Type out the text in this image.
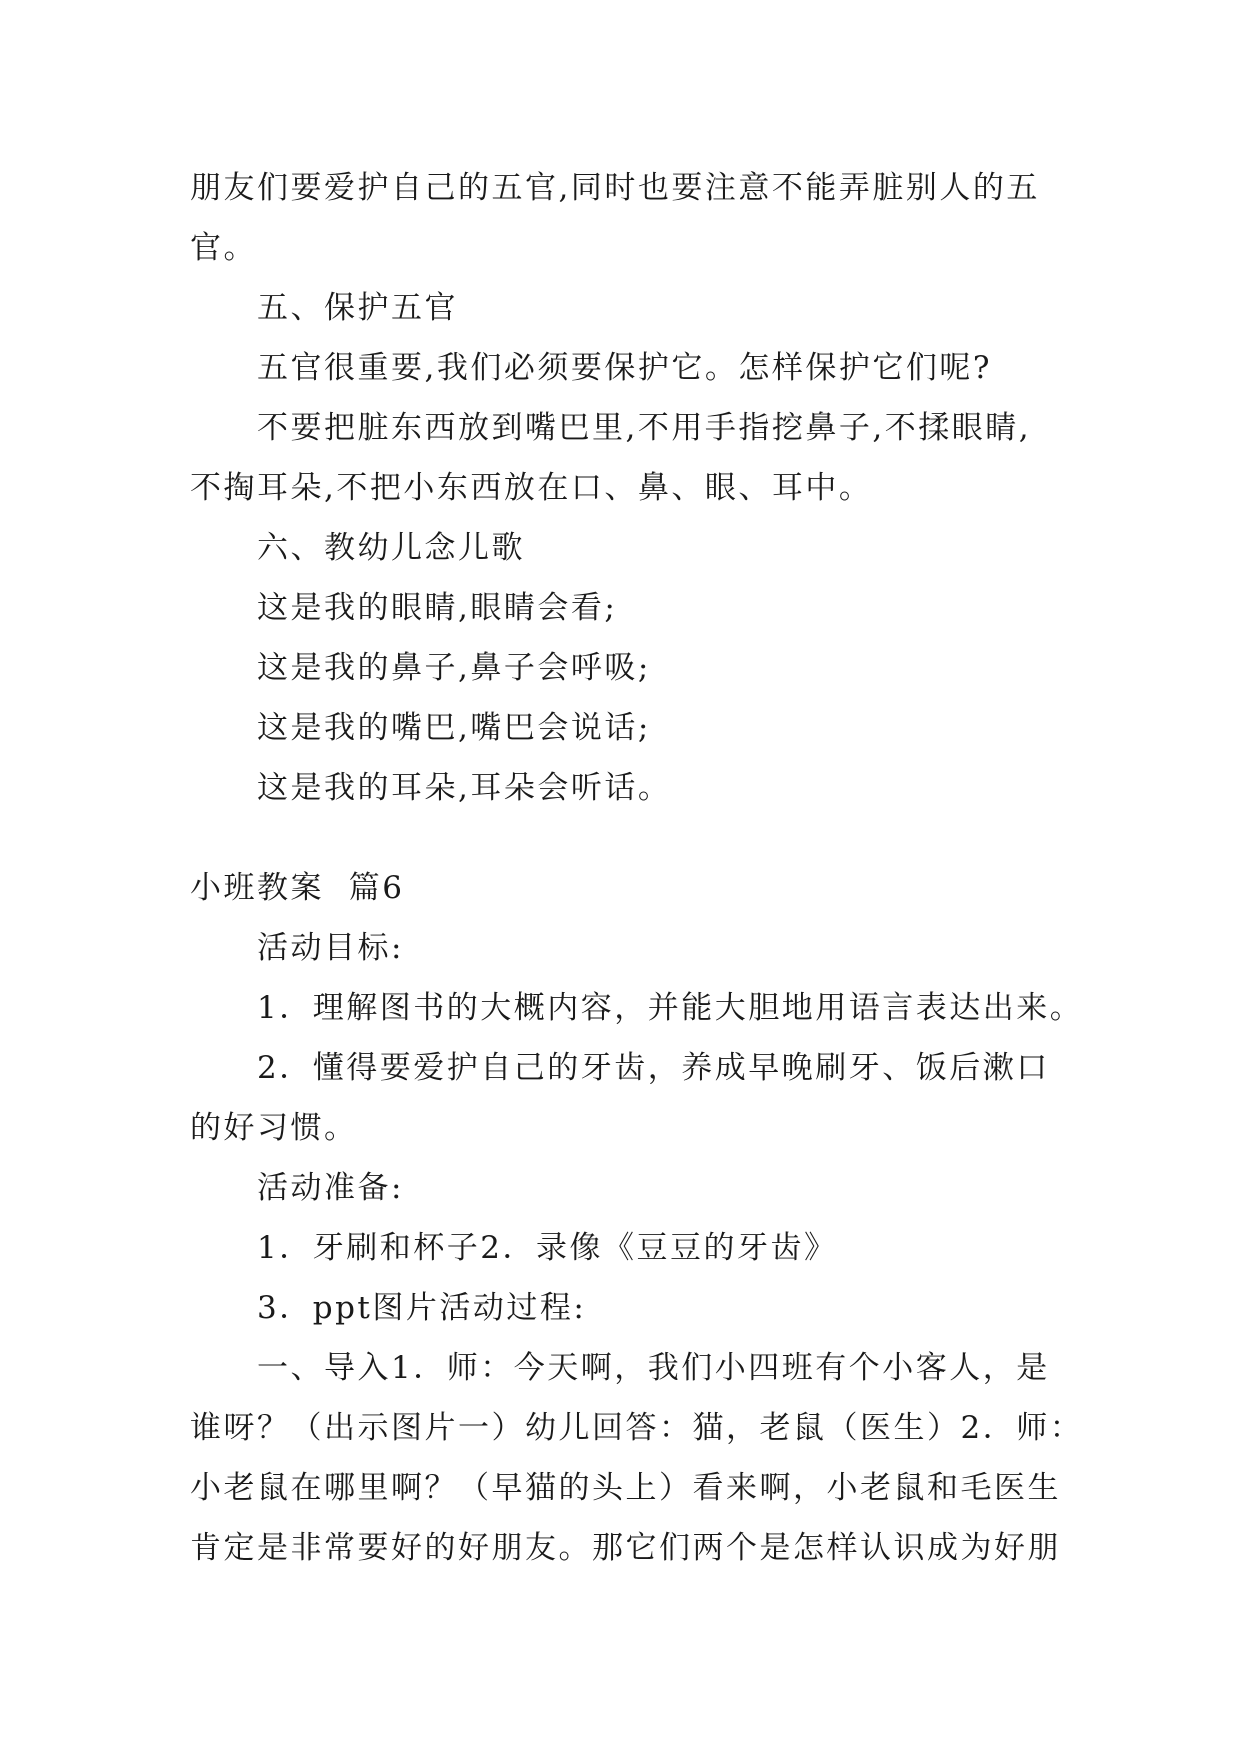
朋友们要爱护自己的五官,同时也要注意不能弄脏别人的五
官。
五、保护五官
五官很重要,我们必须要保护它。怎样保护它们呢?
不要把脏东西放到嘴巴里,不用手指挖鼻子,不揉眼睛,
不掏耳朵,不把小东西放在口、鼻、眼、耳中。
六、教幼儿念儿歌
这是我的眼睛,眼睛会看;
这是我的鼻子,鼻子会呼吸;
这是我的嘴巴,嘴巴会说话;
这是我的耳朵,耳朵会听话。
小班教案  篇6
活动目标:
1．理解图书的大概内容，并能大胆地用语言表达出来。
2．懂得要爱护自己的牙齿，养成早晚刷牙、饭后漱口
的好习惯。
活动准备:
1．牙刷和杯子2．录像《豆豆的牙齿》
3．ppt图片活动过程:
一、导入1．师：今天啊，我们小四班有个小客人，是
谁呀？（出示图片一）幼儿回答：猫，老鼠（医生）2．师：
小老鼠在哪里啊？（早猫的头上）看来啊，小老鼠和毛医生
肯定是非常要好的好朋友。那它们两个是怎样认识成为好朋
